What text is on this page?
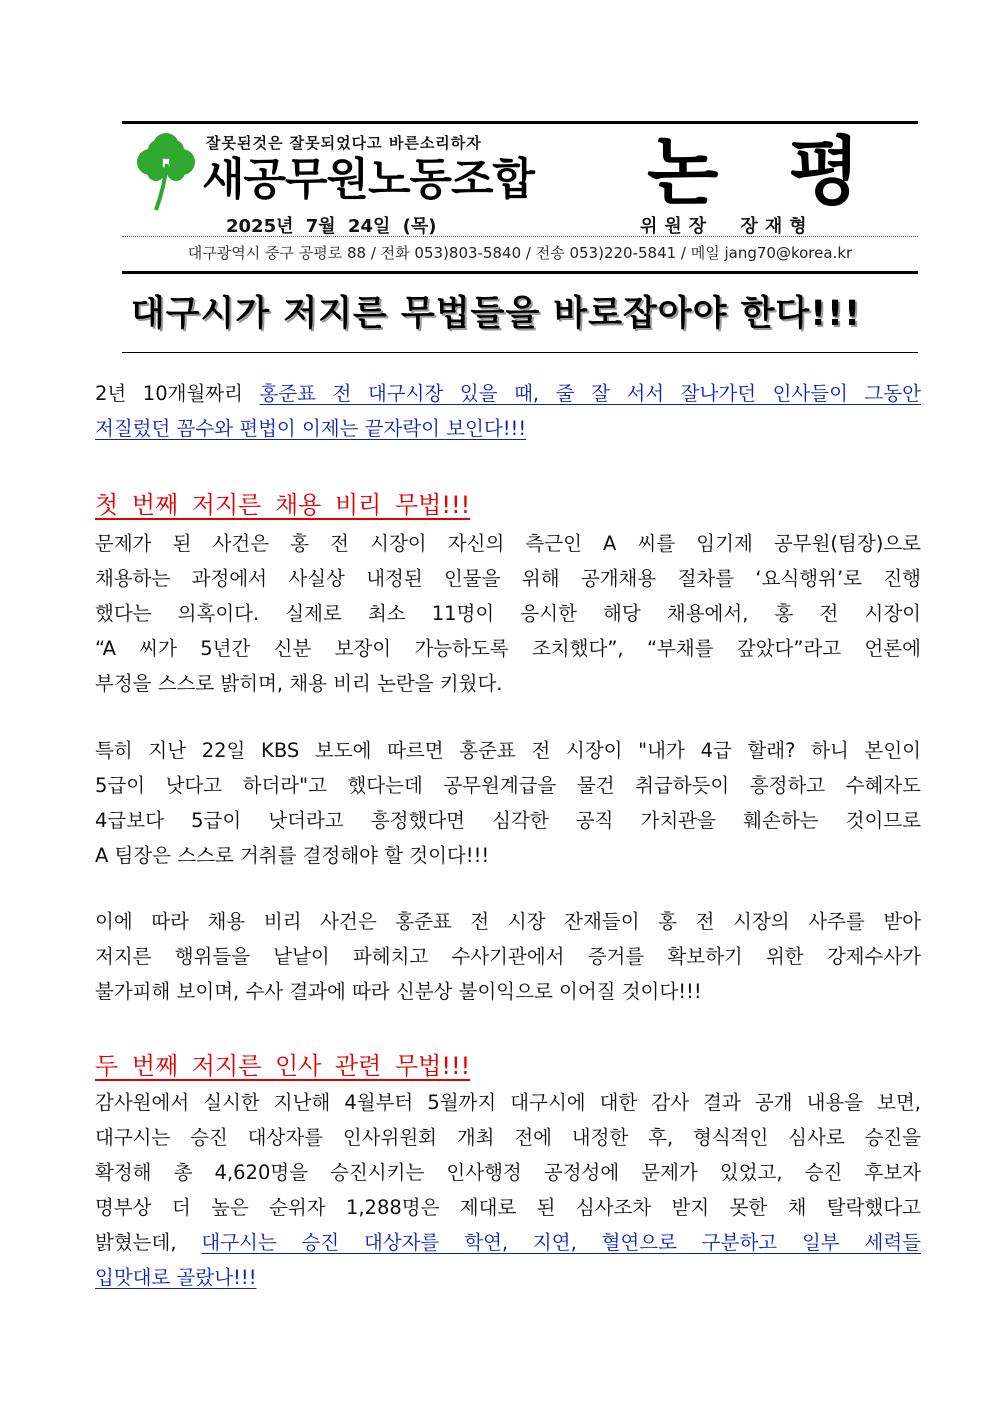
잘못된것은 잘못되었다고 바른소리하자
새공무원노동조합 논평
2025년 7월 24일 (목)	위원장 장재형
대구광역시 중구 공평로 88 / 전화 053)803-5840 / 전송 053)220-5841 / 메일 jang70@korea.kr
대구시가 저지른 무법들을 바로잡아야 한다!!!
2년 10개월짜리 홍준표 전 대구시장 있을 때, 줄 잘 서서 잘나가던 인사들이 그동안
저질렀던 꼼수와 편법이 이제는 끝자락이 보인다!!!
첫 번째 저지른 채용 비리 무법!!!
문제가 된 사건은 홍 전 시장이 자신의 측근인 A 씨를 임기제 공무원(팀장)으로
채용하는 과정에서 사실상 내정된 인물을 위해 공개채용 절차를 ‘요식행위’로 진행
했다는 의혹이다. 실제로 최소 11명이 응시한 해당 채용에서, 홍 전 시장이
“A 씨가 5년간 신분 보장이 가능하도록 조치했다”, “부채를 갚았다”라고 언론에
부정을 스스로 밝히며, 채용 비리 논란을 키웠다.
특히 지난 22일 KBS 보도에 따르면 홍준표 전 시장이 "내가 4급 할래? 하니 본인이
5급이 낫다고 하더라"고 했다는데 공무원계급을 물건 취급하듯이 흥정하고 수혜자도
4급보다 5급이 낫더라고 흥정했다면 심각한 공직 가치관을 훼손하는 것이므로
A 팀장은 스스로 거취를 결정해야 할 것이다!!!
이에 따라 채용 비리 사건은 홍준표 전 시장 잔재들이 홍 전 시장의 사주를 받아
저지른 행위들을 낱낱이 파헤치고 수사기관에서 증거를 확보하기 위한 강제수사가
불가피해 보이며, 수사 결과에 따라 신분상 불이익으로 이어질 것이다!!!
두 번째 저지른 인사 관련 무법!!!
감사원에서 실시한 지난해 4월부터 5월까지 대구시에 대한 감사 결과 공개 내용을 보면,
대구시는 승진 대상자를 인사위원회 개최 전에 내정한 후, 형식적인 심사로 승진을
확정해 총 4,620명을 승진시키는 인사행정 공정성에 문제가 있었고, 승진 후보자
명부상 더 높은 순위자 1,288명은 제대로 된 심사조차 받지 못한 채 탈락했다고
밝혔는데, 대구시는 승진 대상자를 학연, 지연, 혈연으로 구분하고 일부 세력들
입맛대로 골랐나!!!
